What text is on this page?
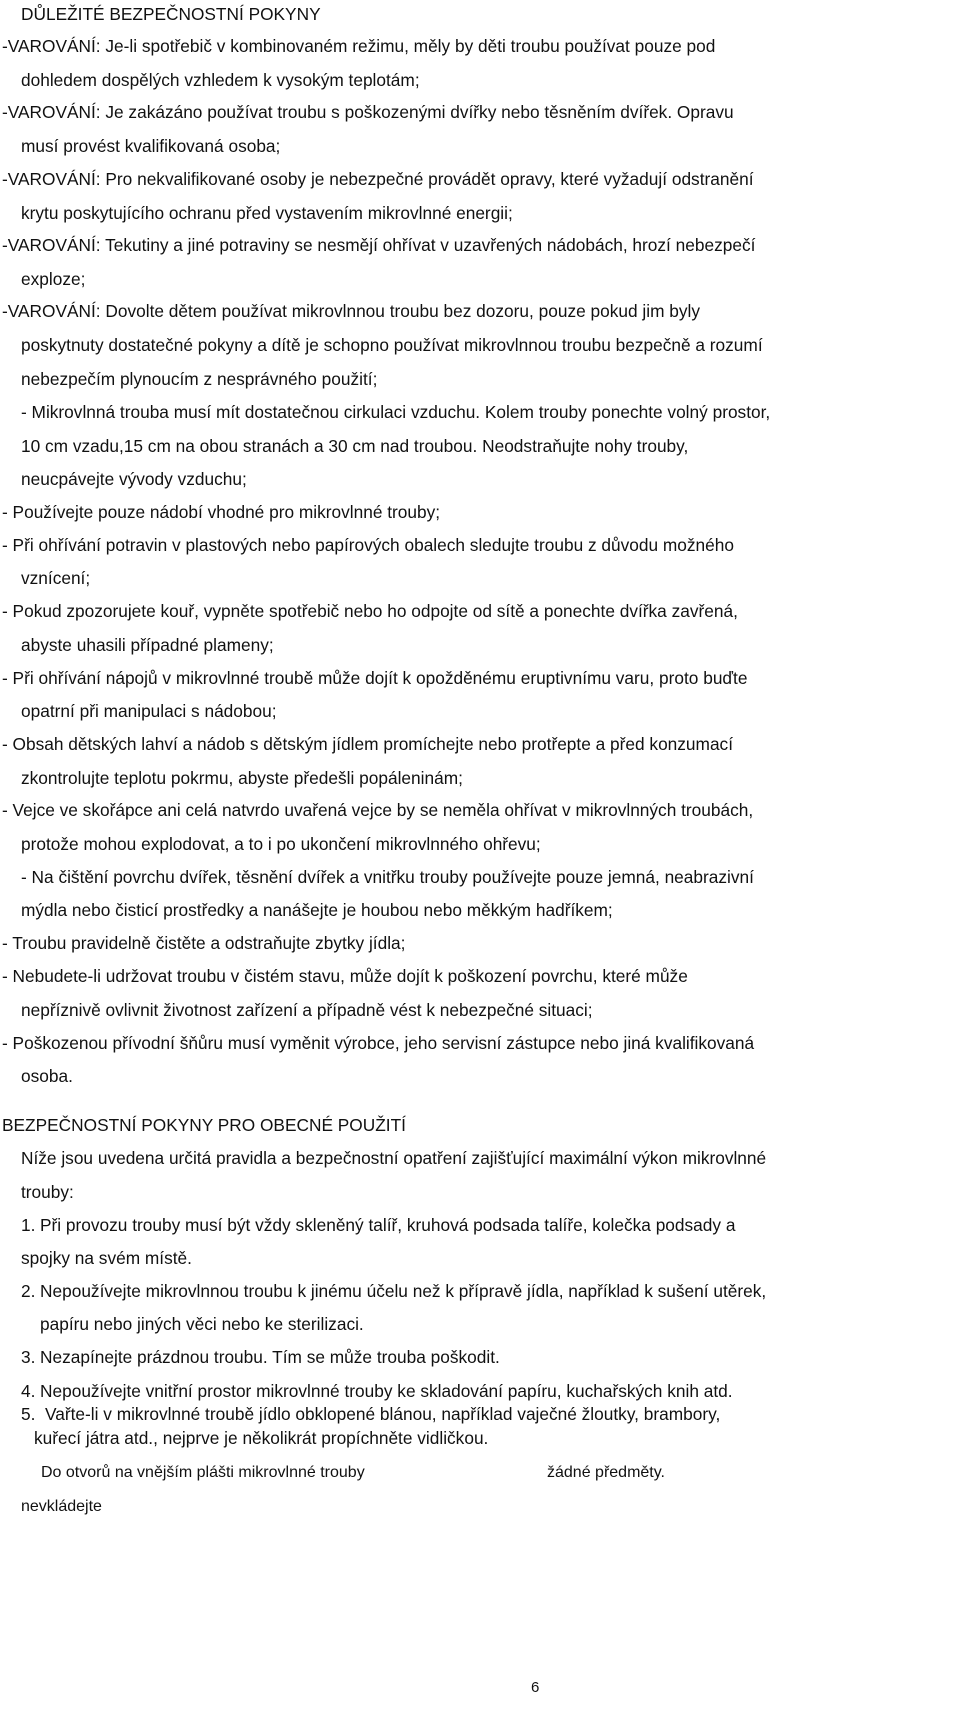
DŮLEŽITÉ BEZPEČNOSTNÍ POKYNY
-VAROVÁNÍ: Je-li spotřebič v kombinovaném režimu, měly by děti troubu používat pouze pod
dohledem dospělých vzhledem k vysokým teplotám;
-VAROVÁNÍ: Je zakázáno používat troubu s poškozenými dvířky nebo těsněním dvířek. Opravu
musí provést kvalifikovaná osoba;
-VAROVÁNÍ: Pro nekvalifikované osoby je nebezpečné provádět opravy, které vyžadují odstranění
krytu poskytujícího ochranu před vystavením mikrovlnné energii;
-VAROVÁNÍ: Tekutiny a jiné potraviny se nesmějí ohřívat v uzavřených nádobách, hrozí nebezpečí
exploze;
-VAROVÁNÍ: Dovolte dětem používat mikrovlnnou troubu bez dozoru, pouze pokud jim byly
poskytnuty dostatečné pokyny a dítě je schopno používat mikrovlnnou troubu bezpečně a rozumí
nebezpečím plynoucím z nesprávného použití;
- Mikrovlnná trouba musí mít dostatečnou cirkulaci vzduchu. Kolem trouby ponechte volný prostor,
10 cm vzadu,15 cm na obou stranách a 30 cm nad troubou. Neodstraňujte nohy trouby,
neucpávejte vývody vzduchu;
- Používejte pouze nádobí vhodné pro mikrovlnné trouby;
- Při ohřívání potravin v plastových nebo papírových obalech sledujte troubu z důvodu možného
vznícení;
- Pokud zpozorujete kouř, vypněte spotřebič nebo ho odpojte od sítě a ponechte dvířka zavřená,
abyste uhasili případné plameny;
- Při ohřívání nápojů v mikrovlnné troubě může dojít k opožděnému eruptivnímu varu, proto buďte
opatrní při manipulaci s nádobou;
- Obsah dětských lahví a nádob s dětským jídlem promíchejte nebo protřepte a před konzumací
zkontrolujte teplotu pokrmu, abyste předešli popáleninám;
- Vejce ve skořápce ani celá natvrdo uvařená vejce by se neměla ohřívat v mikrovlnných troubách,
protože mohou explodovat, a to i po ukončení mikrovlnného ohřevu;
- Na čištění povrchu dvířek, těsnění dvířek a vnitřku trouby používejte pouze jemná, neabrazivní
mýdla nebo čisticí prostředky a nanášejte je houbou nebo měkkým hadříkem;
- Troubu pravidelně čistěte a odstraňujte zbytky jídla;
- Nebudete-li udržovat troubu v čistém stavu, může dojít k poškození povrchu, které může
nepříznivě ovlivnit životnost zařízení a případně vést k nebezpečné situaci;
- Poškozenou přívodní šňůru musí vyměnit výrobce, jeho servisní zástupce nebo jiná kvalifikovaná
osoba.
BEZPEČNOSTNÍ POKYNY PRO OBECNÉ POUŽITÍ
Níže jsou uvedena určitá pravidla a bezpečnostní opatření zajišťující maximální výkon mikrovlnné
trouby:
1. Při provozu trouby musí být vždy skleněný talíř, kruhová podsada talíře, kolečka podsady a
spojky na svém místě.
2. Nepoužívejte mikrovlnnou troubu k jinému účelu než k přípravě jídla, například k sušení utěrek,
papíru nebo jiných věci nebo ke sterilizaci.
3. Nezapínejte prázdnou troubu. Tím se může trouba poškodit.
4. Nepoužívejte vnitřní prostor mikrovlnné trouby ke skladování papíru, kuchařských knih atd.
5. Vařte-li v mikrovlnné troubě jídlo obklopené blánou, například vaječné žloutky, brambory,
kuřecí játra atd., nejprve je několikrát propíchněte vidličkou.
Do otvorů na vnějším plášti mikrovlnné trouby	žádné předměty.
nevkládejte
6
